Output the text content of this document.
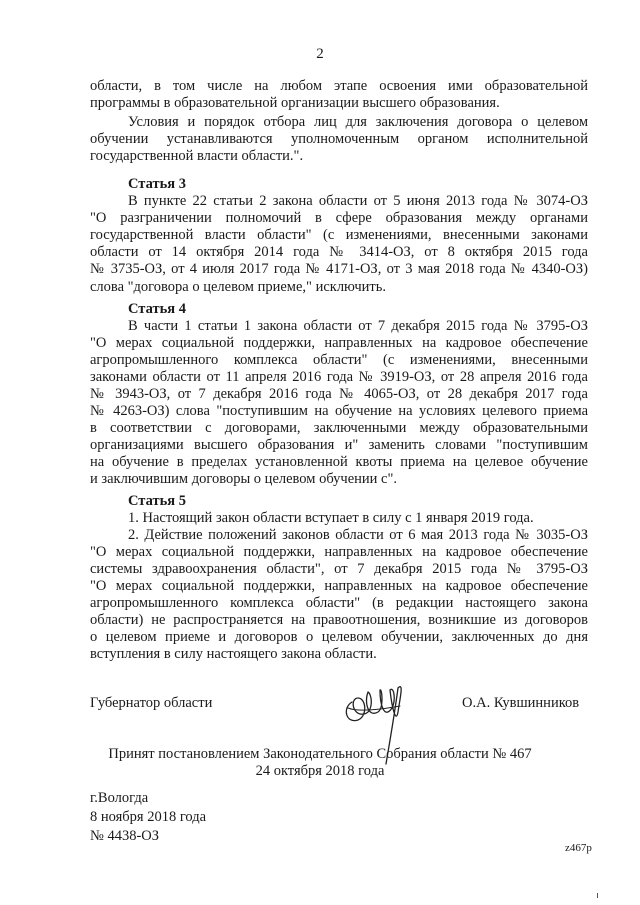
2
области, в том числе на любом этапе освоения ими образовательной
программы в образовательной организации высшего образования.
Условия и порядок отбора лиц для заключения договора о целевом
обучении устанавливаются уполномоченным органом исполнительной
государственной власти области.".
Статья 3
В пункте 22 статьи 2 закона области от 5 июня 2013 года № 3074-ОЗ
"О разграничении полномочий в сфере образования между органами
государственной власти области" (с изменениями, внесенными законами
области от 14 октября 2014 года № 3414-ОЗ, от 8 октября 2015 года
№ 3735-ОЗ, от 4 июля 2017 года № 4171-ОЗ, от 3 мая 2018 года № 4340-ОЗ)
слова "договора о целевом приеме," исключить.
Статья 4
В части 1 статьи 1 закона области от 7 декабря 2015 года № 3795-ОЗ
"О мерах социальной поддержки, направленных на кадровое обеспечение
агропромышленного комплекса области" (с изменениями, внесенными
законами области от 11 апреля 2016 года № 3919-ОЗ, от 28 апреля 2016 года
№ 3943-ОЗ, от 7 декабря 2016 года № 4065-ОЗ, от 28 декабря 2017 года
№ 4263-ОЗ) слова "поступившим на обучение на условиях целевого приема
в соответствии с договорами, заключенными между образовательными
организациями высшего образования и" заменить словами "поступившим
на обучение в пределах установленной квоты приема на целевое обучение
и заключившим договоры о целевом обучении с".
Статья 5
1. Настоящий закон области вступает в силу с 1 января 2019 года.
2. Действие положений законов области от 6 мая 2013 года № 3035-ОЗ
"О мерах социальной поддержки, направленных на кадровое обеспечение
системы здравоохранения области", от 7 декабря 2015 года № 3795-ОЗ
"О мерах социальной поддержки, направленных на кадровое обеспечение
агропромышленного комплекса области" (в редакции настоящего закона
области) не распространяется на правоотношения, возникшие из договоров
о целевом приеме и договоров о целевом обучении, заключенных до дня
вступления в силу настоящего закона области.
Губернатор области	О.А. Кувшинников
Принят постановлением Законодательного Собрания области № 467
24 октября 2018 года
г.Вологда
8 ноября 2018 года
№ 4438-ОЗ
z467р
